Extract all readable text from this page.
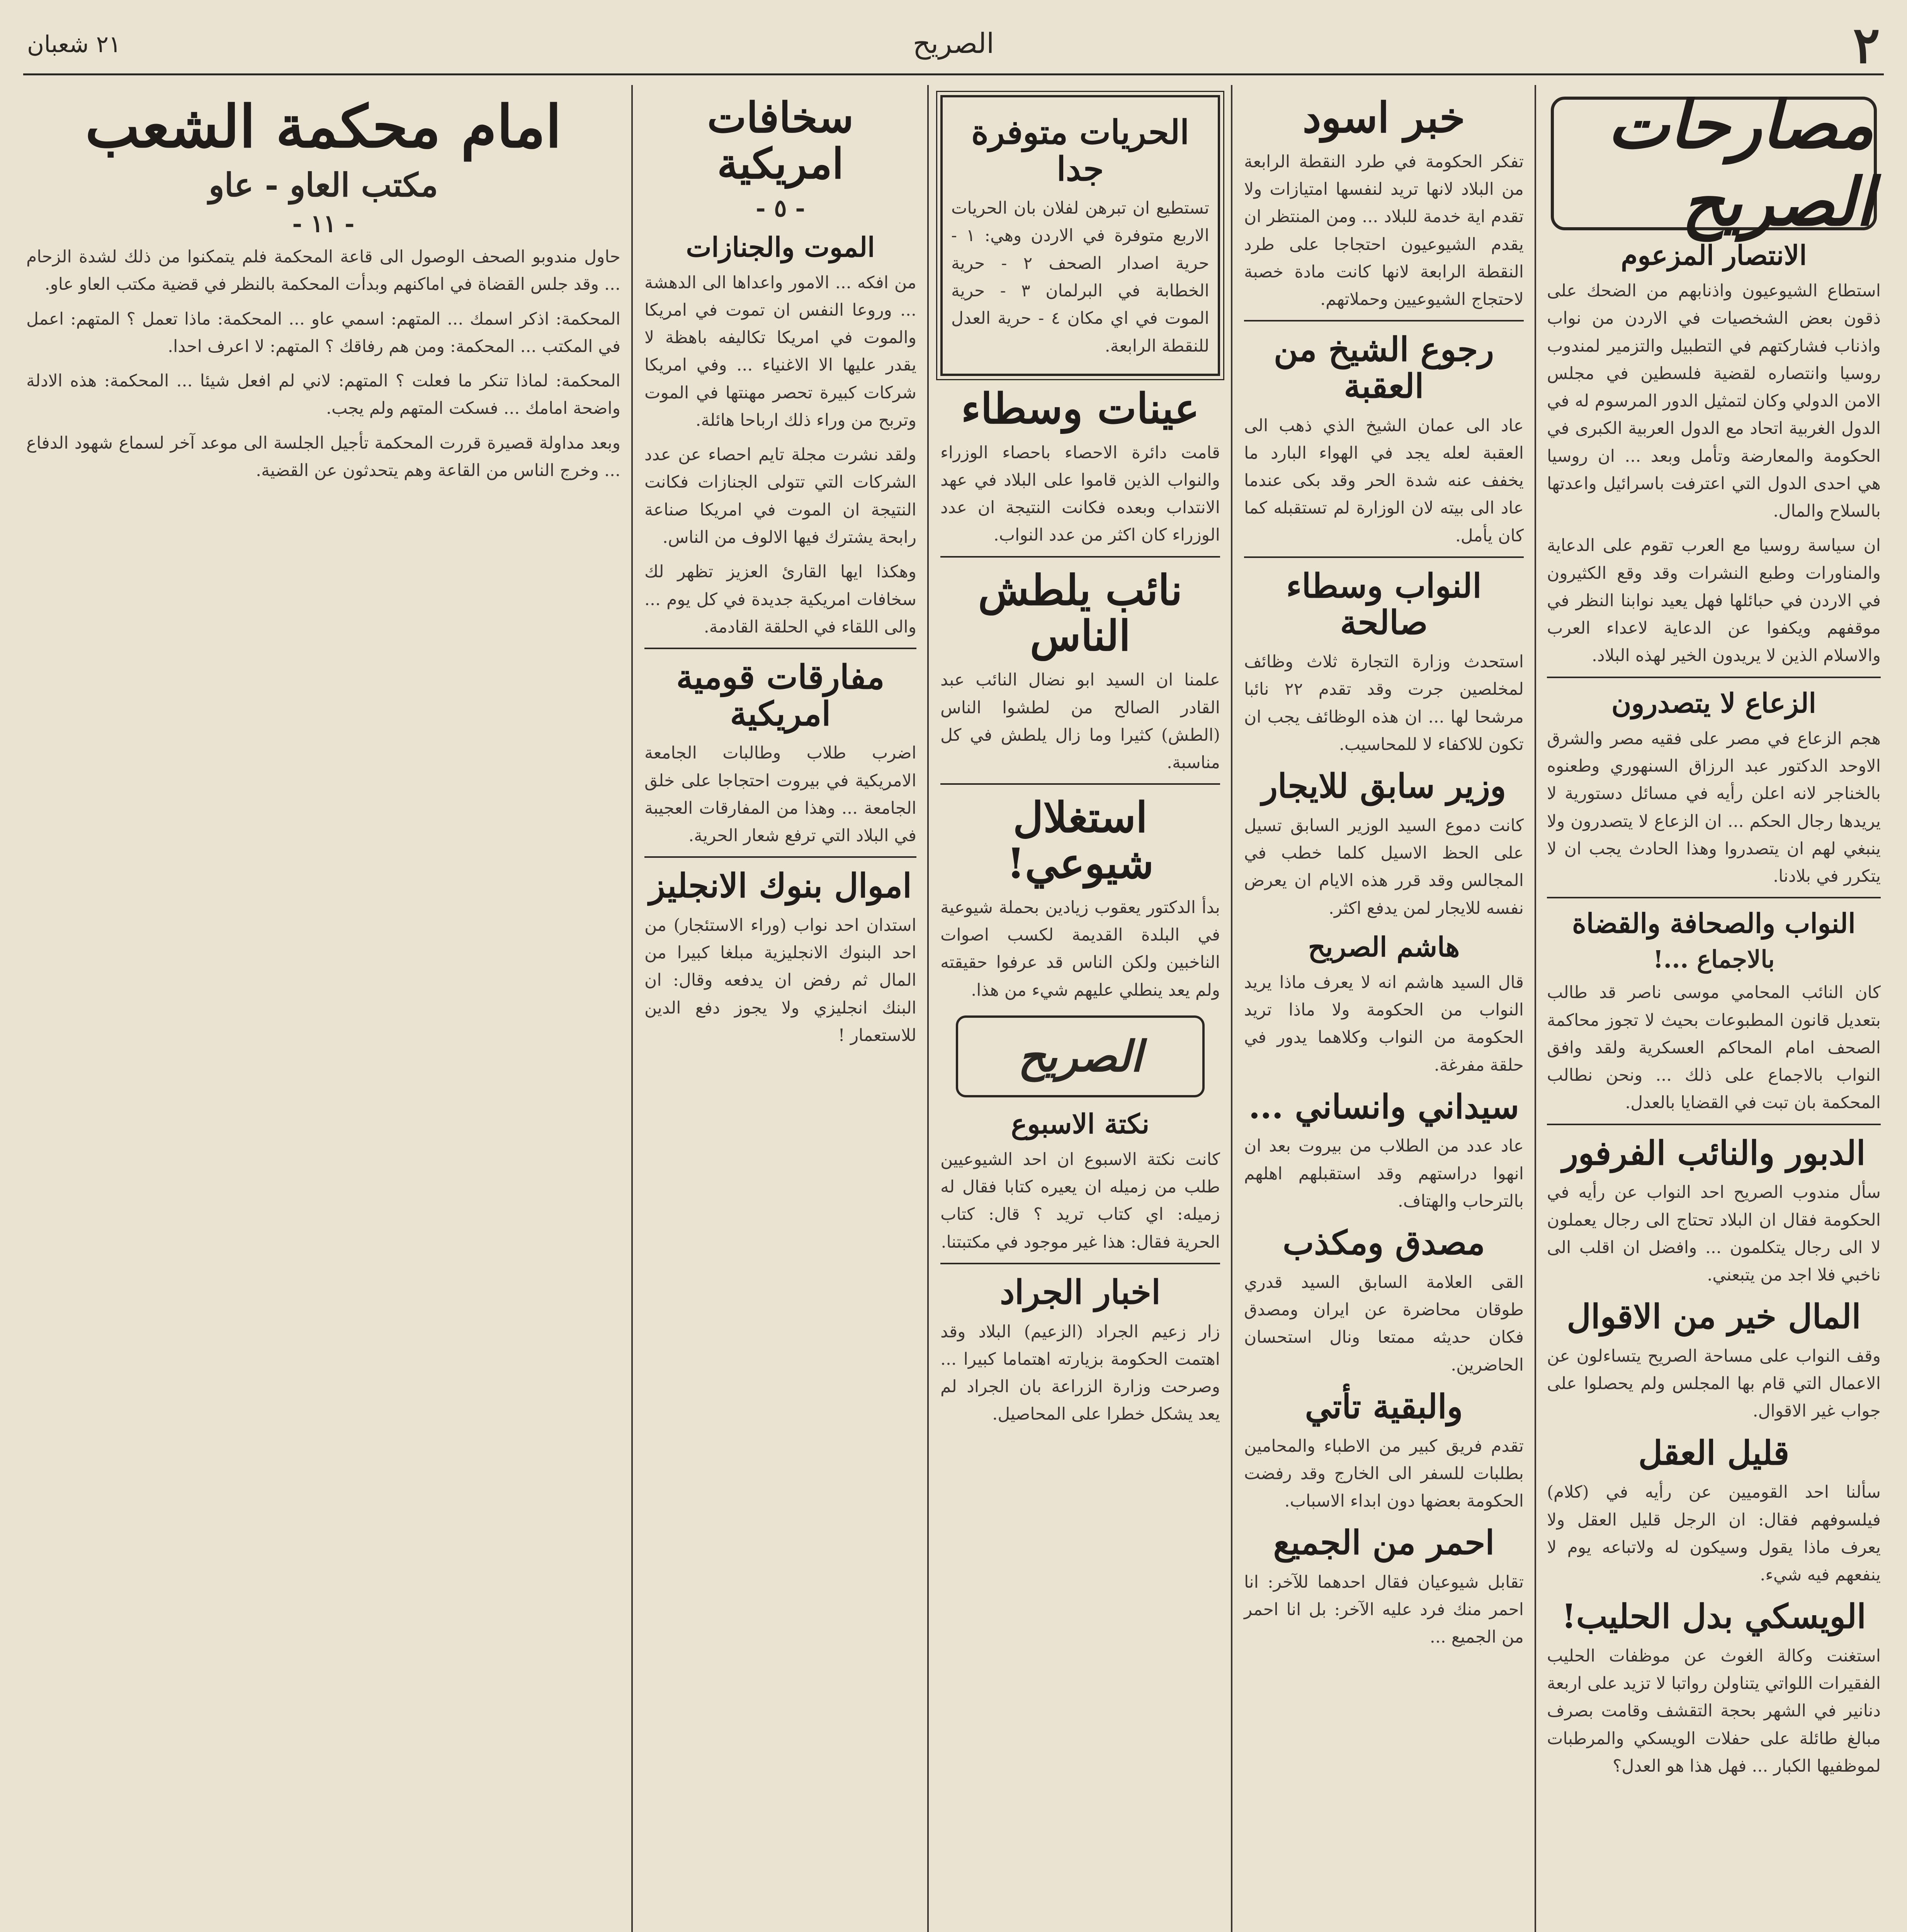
٢
الصريح
٢١ شعبان
مصارحات الصريح
الانتصار المزعوم

استطاع الشيوعيون واذنابهم من الضحك على ذقون بعض الشخصيات في الاردن من نواب واذناب فشاركتهم في التطبيل والتزمير لمندوب روسيا وانتصاره لقضية فلسطين في مجلس الامن الدولي وكان لتمثيل الدور المرسوم له في الدول الغربية اتحاد مع الدول العربية الكبرى في الحكومة والمعارضة وتأمل وبعد ... ان روسيا هي احدى الدول التي اعترفت باسرائيل واعدتها بالسلاح والمال.

ان سياسة روسيا مع العرب تقوم على الدعاية والمناورات وطبع النشرات وقد وقع الكثيرون في الاردن في حبائلها فهل يعيد نوابنا النظر في موقفهم ويكفوا عن الدعاية لاعداء العرب والاسلام الذين لا يريدون الخير لهذه البلاد.

الزعاع لا يتصدرون

هجم الزعاع في مصر على فقيه مصر والشرق الاوحد الدكتور عبد الرزاق السنهوري وطعنوه بالخناجر لانه اعلن رأيه في مسائل دستورية لا يريدها رجال الحكم ... ان الزعاع لا يتصدرون ولا ينبغي لهم ان يتصدروا وهذا الحادث يجب ان لا يتكرر في بلادنا.

النواب والصحافة والقضاة
بالاجماع ...!

كان النائب المحامي موسى ناصر قد طالب بتعديل قانون المطبوعات بحيث لا تجوز محاكمة الصحف امام المحاكم العسكرية ولقد وافق النواب بالاجماع على ذلك ... ونحن نطالب المحكمة بان تبت في القضايا بالعدل.

الدبور والنائب الفرفور

سأل مندوب الصريح احد النواب عن رأيه في الحكومة فقال ان البلاد تحتاج الى رجال يعملون لا الى رجال يتكلمون ... وافضل ان اقلب الى ناخبي فلا اجد من يتبعني.

المال خير من الاقوال

وقف النواب على مساحة الصريح يتساءلون عن الاعمال التي قام بها المجلس ولم يحصلوا على جواب غير الاقوال.

قليل العقل

سألنا احد القوميين عن رأيه في (كلام) فيلسوفهم فقال: ان الرجل قليل العقل ولا يعرف ماذا يقول وسيكون له ولاتباعه يوم لا ينفعهم فيه شيء.

الويسكي بدل الحليب!

استغنت وكالة الغوث عن موظفات الحليب الفقيرات اللواتي يتناولن رواتبا لا تزيد على اربعة دنانير في الشهر بحجة التقشف وقامت بصرف مبالغ طائلة على حفلات الويسكي والمرطبات لموظفيها الكبار ... فهل هذا هو العدل؟

خبر اسود

تفكر الحكومة في طرد النقطة الرابعة من البلاد لانها تريد لنفسها امتيازات ولا تقدم اية خدمة للبلاد ... ومن المنتظر ان يقدم الشيوعيون احتجاجا على طرد النقطة الرابعة لانها كانت مادة خصبة لاحتجاج الشيوعيين وحملاتهم.

رجوع الشيخ من العقبة

عاد الى عمان الشيخ الذي ذهب الى العقبة لعله يجد في الهواء البارد ما يخفف عنه شدة الحر وقد بكى عندما عاد الى بيته لان الوزارة لم تستقبله كما كان يأمل.

النواب وسطاء صالحة

استحدث وزارة التجارة ثلاث وظائف لمخلصين جرت وقد تقدم ٢٢ نائبا مرشحا لها ... ان هذه الوظائف يجب ان تكون للاكفاء لا للمحاسيب.

وزير سابق للايجار

كانت دموع السيد الوزير السابق تسيل على الحظ الاسيل كلما خطب في المجالس وقد قرر هذه الايام ان يعرض نفسه للايجار لمن يدفع اكثر.

هاشم الصريح

قال السيد هاشم انه لا يعرف ماذا يريد النواب من الحكومة ولا ماذا تريد الحكومة من النواب وكلاهما يدور في حلقة مفرغة.

سيداني وانساني ...

عاد عدد من الطلاب من بيروت بعد ان انهوا دراستهم وقد استقبلهم اهلهم بالترحاب والهتاف.

مصدق ومكذب

القى العلامة السابق السيد قدري طوقان محاضرة عن ايران ومصدق فكان حديثه ممتعا ونال استحسان الحاضرين.

والبقية تأتي

تقدم فريق كبير من الاطباء والمحامين بطلبات للسفر الى الخارج وقد رفضت الحكومة بعضها دون ابداء الاسباب.

احمر من الجميع

تقابل شيوعيان فقال احدهما للآخر: انا احمر منك فرد عليه الآخر: بل انا احمر من الجميع ...

الحريات متوفرة جدا

تستطيع ان تبرهن لفلان بان الحريات الاربع متوفرة في الاردن وهي: ١ - حرية اصدار الصحف ٢ - حرية الخطابة في البرلمان ٣ - حرية الموت في اي مكان ٤ - حرية العدل للنقطة الرابعة.

عينات وسطاء

قامت دائرة الاحصاء باحصاء الوزراء والنواب الذين قاموا على البلاد في عهد الانتداب وبعده فكانت النتيجة ان عدد الوزراء كان اكثر من عدد النواب.

نائب يلطش الناس

علمنا ان السيد ابو نضال النائب عبد القادر الصالح من لطشوا الناس (الطش) كثيرا وما زال يلطش في كل مناسبة.

استغلال شيوعي!

بدأ الدكتور يعقوب زيادين بحملة شيوعية في البلدة القديمة لكسب اصوات الناخبين ولكن الناس قد عرفوا حقيقته ولم يعد ينطلي عليهم شيء من هذا.

الصريح
نكتة الاسبوع

كانت نكتة الاسبوع ان احد الشيوعيين طلب من زميله ان يعيره كتابا فقال له زميله: اي كتاب تريد ؟ قال: كتاب الحرية فقال: هذا غير موجود في مكتبتنا.

اخبار الجراد

زار زعيم الجراد (الزعيم) البلاد وقد اهتمت الحكومة بزيارته اهتماما كبيرا ... وصرحت وزارة الزراعة بان الجراد لم يعد يشكل خطرا على المحاصيل.

سخافات امريكية
- ٥ -
الموت والجنازات

من افكه ... الامور واعداها الى الدهشة ... وروعا النفس ان تموت في امريكا والموت في امريكا تكاليفه باهظة لا يقدر عليها الا الاغنياء ... وفي امريكا شركات كبيرة تحصر مهنتها في الموت وتربح من وراء ذلك ارباحا هائلة.

ولقد نشرت مجلة تايم احصاء عن عدد الشركات التي تتولى الجنازات فكانت النتيجة ان الموت في امريكا صناعة رابحة يشترك فيها الالوف من الناس.

وهكذا ايها القارئ العزيز تظهر لك سخافات امريكية جديدة في كل يوم ... والى اللقاء في الحلقة القادمة.

مفارقات قومية امريكية

اضرب طلاب وطالبات الجامعة الامريكية في بيروت احتجاجا على خلق الجامعة ... وهذا من المفارقات العجيبة في البلاد التي ترفع شعار الحرية.

اموال بنوك الانجليز

استدان احد نواب (وراء الاستئجار) من احد البنوك الانجليزية مبلغا كبيرا من المال ثم رفض ان يدفعه وقال: ان البنك انجليزي ولا يجوز دفع الدين للاستعمار !

امام محكمة الشعب
مكتب العاو - عاو
- ١١ -

حاول مندوبو الصحف الوصول الى قاعة المحكمة فلم يتمكنوا من ذلك لشدة الزحام ... وقد جلس القضاة في اماكنهم وبدأت المحكمة بالنظر في قضية مكتب العاو عاو.

المحكمة: اذكر اسمك ... المتهم: اسمي عاو ... المحكمة: ماذا تعمل ؟ المتهم: اعمل في المكتب ... المحكمة: ومن هم رفاقك ؟ المتهم: لا اعرف احدا.

المحكمة: لماذا تنكر ما فعلت ؟ المتهم: لاني لم افعل شيئا ... المحكمة: هذه الادلة واضحة امامك ... فسكت المتهم ولم يجب.

وبعد مداولة قصيرة قررت المحكمة تأجيل الجلسة الى موعد آخر لسماع شهود الدفاع ... وخرج الناس من القاعة وهم يتحدثون عن القضية.
